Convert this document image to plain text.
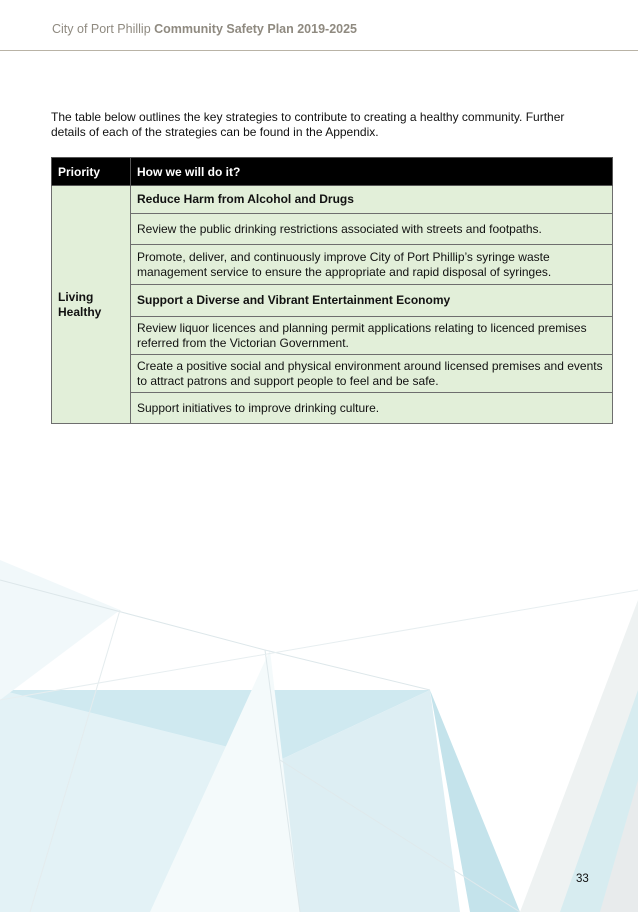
City of Port Phillip Community Safety Plan 2019-2025

The table below outlines the key strategies to contribute to creating a healthy community. Further details of each of the strategies can be found in the Appendix.

Priority	How we will do it?
Living Healthy	Reduce Harm from Alcohol and Drugs
	Review the public drinking restrictions associated with streets and footpaths.
	Promote, deliver, and continuously improve City of Port Phillip’s syringe waste management service to ensure the appropriate and rapid disposal of syringes.
	Support a Diverse and Vibrant Entertainment Economy
	Review liquor licences and planning permit applications relating to licenced premises referred from the Victorian Government.
	Create a positive social and physical environment around licensed premises and events to attract patrons and support people to feel and be safe.
	Support initiatives to improve drinking culture.
33
